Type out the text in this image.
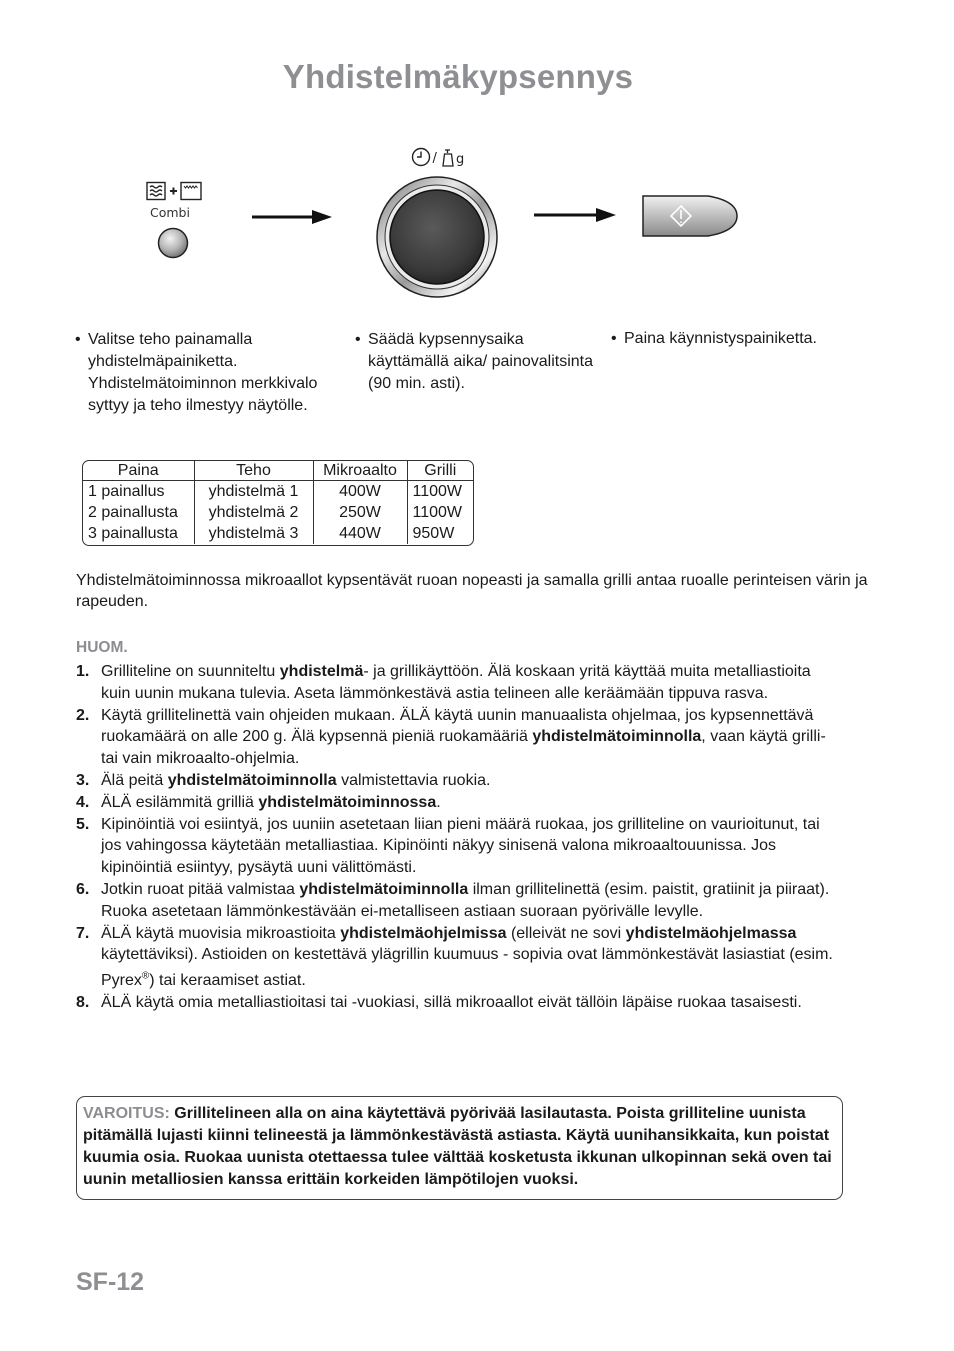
Yhdistelmäkypsennys
Combi
/ g
• Valitse teho painamalla yhdistelmäpainiketta. Yhdistelmätoiminnon merkkivalo syttyy ja teho ilmestyy näytölle.
• Säädä kypsennysaika käyttämällä aika/ painovalitsinta (90 min. asti).
• Paina käynnistyspainiketta.
Paina	Teho	Mikroaalto	Grilli
1 painallus	yhdistelmä 1	400W	1100W
2 painallusta	yhdistelmä 2	250W	1100W
3 painallusta	yhdistelmä 3	440W	950W
Yhdistelmätoiminnossa mikroaallot kypsentävät ruoan nopeasti ja samalla grilli antaa ruoalle perinteisen värin ja rapeuden.
HUOM.
1. Grilliteline on suunniteltu yhdistelmä- ja grillikäyttöön. Älä koskaan yritä käyttää muita metalliastioita kuin uunin mukana tulevia. Aseta lämmönkestävä astia telineen alle keräämään tippuva rasva.
2. Käytä grillitelinettä vain ohjeiden mukaan. ÄLÄ käytä uunin manuaalista ohjelmaa, jos kypsennettävä ruokamäärä on alle 200 g. Älä kypsennä pieniä ruokamääriä yhdistelmätoiminnolla, vaan käytä grilli- tai vain mikroaalto-ohjelmia.
3. Älä peitä yhdistelmätoiminnolla valmistettavia ruokia.
4. ÄLÄ esilämmitä grilliä yhdistelmätoiminnossa.
5. Kipinöintiä voi esiintyä, jos uuniin asetetaan liian pieni määrä ruokaa, jos grilliteline on vaurioitunut, tai jos vahingossa käytetään metalliastiaa. Kipinöinti näkyy sinisenä valona mikroaaltouunissa. Jos kipinöintiä esiintyy, pysäytä uuni välittömästi.
6. Jotkin ruoat pitää valmistaa yhdistelmätoiminnolla ilman grillitelinettä (esim. paistit, gratiinit ja piiraat). Ruoka asetetaan lämmönkestävään ei-metalliseen astiaan suoraan pyörivälle levylle.
7. ÄLÄ käytä muovisia mikroastioita yhdistelmäohjelmissa (elleivät ne sovi yhdistelmäohjelmassa käytettäviksi). Astioiden on kestettävä ylägrillin kuumuus - sopivia ovat lämmönkestävät lasiastiat (esim. Pyrex®) tai keraamiset astiat.
8. ÄLÄ käytä omia metalliastioitasi tai -vuokiasi, sillä mikroaallot eivät tällöin läpäise ruokaa tasaisesti.
VAROITUS: Grillitelineen alla on aina käytettävä pyörivää lasilautasta. Poista grilliteline uunista pitämällä lujasti kiinni telineestä ja lämmönkestävästä astiasta. Käytä uunihansikkaita, kun poistat kuumia osia. Ruokaa uunista otettaessa tulee välttää kosketusta ikkunan ulkopinnan sekä oven tai uunin metalliosien kanssa erittäin korkeiden lämpötilojen vuoksi.
SF-12
